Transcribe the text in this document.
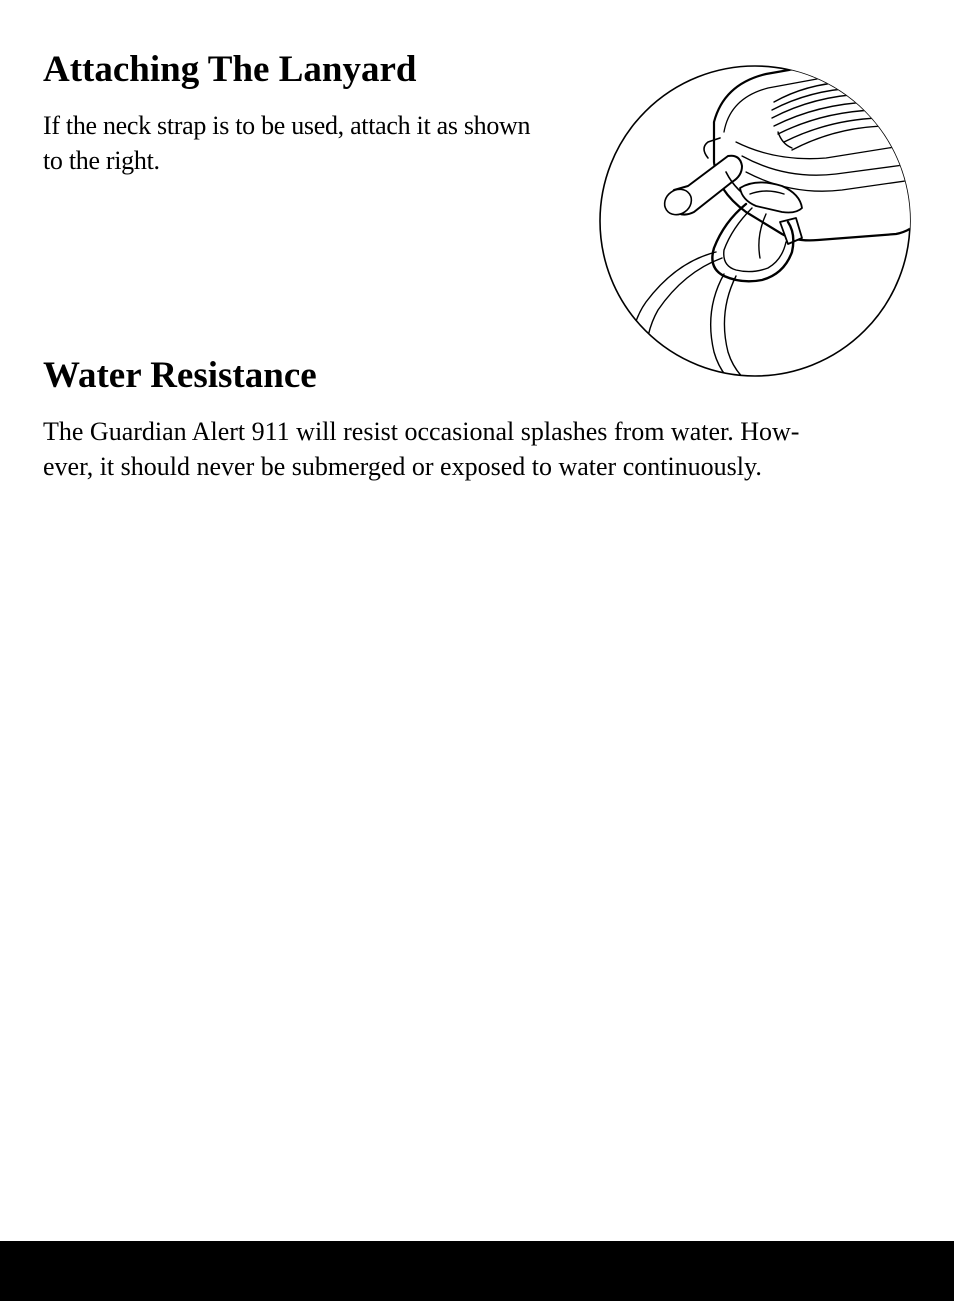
Attaching The Lanyard

If the neck strap is to be used, attach it as shown
to the right.

Water Resistance

The Guardian Alert 911 will resist occasional splashes from water. How-
ever, it should never be submerged or exposed to water continuously.
